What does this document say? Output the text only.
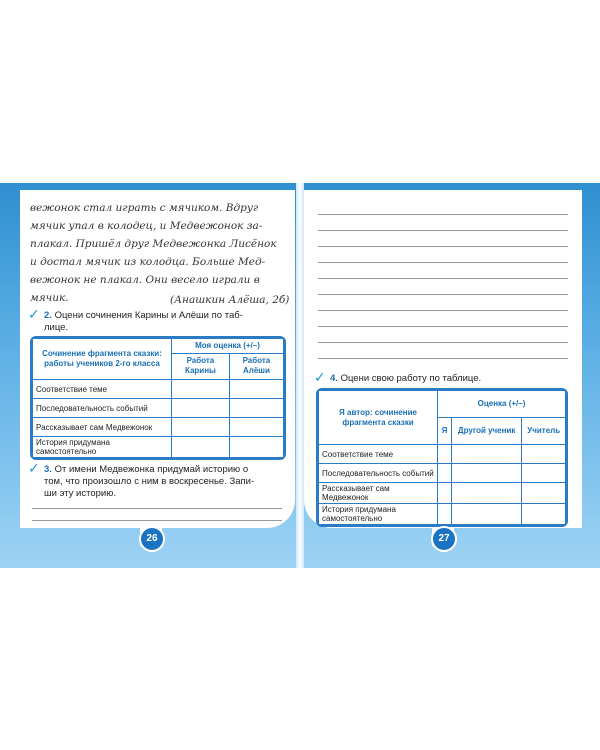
вежонок стал играть с мячиком. Вдруг
мячик упал в колодец, и Медвежонок за-
плакал. Пришёл друг Медвежонка Лисёнок
и достал мячик из колодца. Больше Мед-
вежонок не плакал. Они весело играли в
мячик.	(Анашкин Алёша, 2б)
✓ 2. Оцени сочинения Карины и Алёши по таб-
лице.
Сочинение фрагмента сказки: работы учеников 2-го класса	Моя оценка (+/–)	
	Работа Карины	Работа Алёши
Соответствие теме		
Последовательность событий		
Рассказывает сам Медвежонок		
История придумана самостоятельно		
✓ 3. От имени Медвежонка придумай историю о
том, что произошло с ним в воскресенье. Запи-
ши эту историю.
26
✓ 4. Оцени свою работу по таблице.
Я автор: сочинение фрагмента сказки	Оценка (+/–)		
	Я	Другой ученик	Учитель
Соответствие теме			
Последовательность событий			
Рассказывает сам Медвежонок			
История придумана самостоятельно			
27
